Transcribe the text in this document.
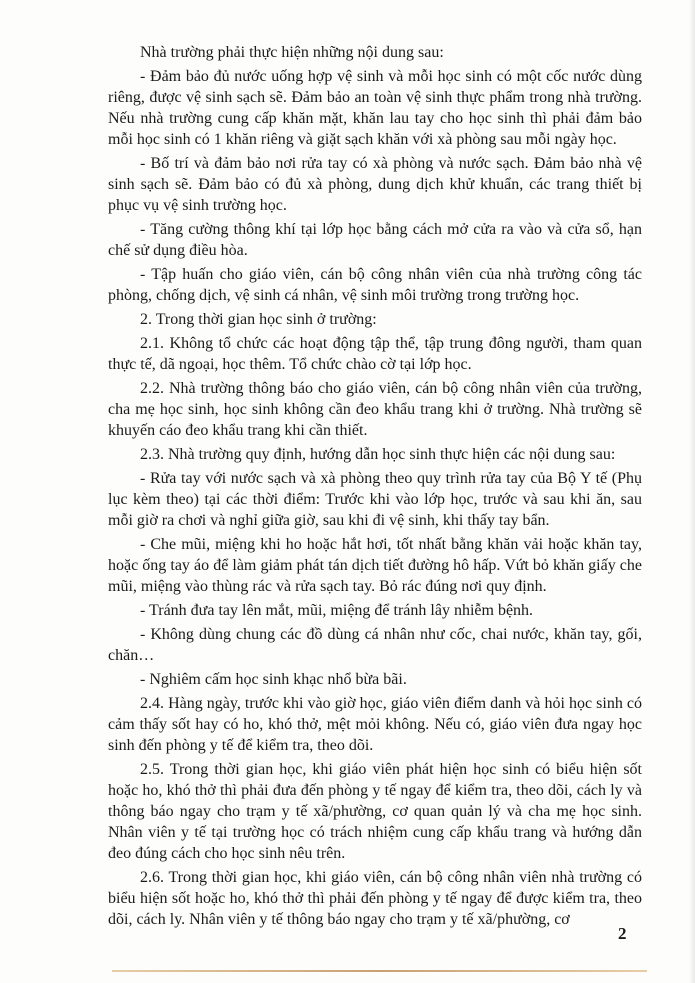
Nhà trường phải thực hiện những nội dung sau:

- Đảm bảo đủ nước uống hợp vệ sinh và mỗi học sinh có một cốc nước dùng riêng, được vệ sinh sạch sẽ. Đảm bảo an toàn vệ sinh thực phẩm trong nhà trường. Nếu nhà trường cung cấp khăn mặt, khăn lau tay cho học sinh thì phải đảm bảo mỗi học sinh có 1 khăn riêng và giặt sạch khăn với xà phòng sau mỗi ngày học.

- Bố trí và đảm bảo nơi rửa tay có xà phòng và nước sạch. Đảm bảo nhà vệ sinh sạch sẽ. Đảm bảo có đủ xà phòng, dung dịch khử khuẩn, các trang thiết bị phục vụ vệ sinh trường học.

- Tăng cường thông khí tại lớp học bằng cách mở cửa ra vào và cửa sổ, hạn chế sử dụng điều hòa.

- Tập huấn cho giáo viên, cán bộ công nhân viên của nhà trường công tác phòng, chống dịch, vệ sinh cá nhân, vệ sinh môi trường trong trường học.

2. Trong thời gian học sinh ở trường:

2.1. Không tổ chức các hoạt động tập thể, tập trung đông người, tham quan thực tế, dã ngoại, học thêm. Tổ chức chào cờ tại lớp học.

2.2. Nhà trường thông báo cho giáo viên, cán bộ công nhân viên của trường, cha mẹ học sinh, học sinh không cần đeo khẩu trang khi ở trường. Nhà trường sẽ khuyến cáo đeo khẩu trang khi cần thiết.

2.3. Nhà trường quy định, hướng dẫn học sinh thực hiện các nội dung sau:

- Rửa tay với nước sạch và xà phòng theo quy trình rửa tay của Bộ Y tế (Phụ lục kèm theo) tại các thời điểm: Trước khi vào lớp học, trước và sau khi ăn, sau mỗi giờ ra chơi và nghỉ giữa giờ, sau khi đi vệ sinh, khi thấy tay bẩn.

- Che mũi, miệng khi ho hoặc hắt hơi, tốt nhất bằng khăn vải hoặc khăn tay, hoặc ống tay áo để làm giảm phát tán dịch tiết đường hô hấp. Vứt bỏ khăn giấy che mũi, miệng vào thùng rác và rửa sạch tay. Bỏ rác đúng nơi quy định.

- Tránh đưa tay lên mắt, mũi, miệng để tránh lây nhiễm bệnh.

- Không dùng chung các đồ dùng cá nhân như cốc, chai nước, khăn tay, gối, chăn…

- Nghiêm cấm học sinh khạc nhổ bừa bãi.

2.4. Hàng ngày, trước khi vào giờ học, giáo viên điểm danh và hỏi học sinh có cảm thấy sốt hay có ho, khó thở, mệt mỏi không. Nếu có, giáo viên đưa ngay học sinh đến phòng y tế để kiểm tra, theo dõi.

2.5. Trong thời gian học, khi giáo viên phát hiện học sinh có biểu hiện sốt hoặc ho, khó thở thì phải đưa đến phòng y tế ngay để kiểm tra, theo dõi, cách ly và thông báo ngay cho trạm y tế xã/phường, cơ quan quản lý và cha mẹ học sinh. Nhân viên y tế tại trường học có trách nhiệm cung cấp khẩu trang và hướng dẫn đeo đúng cách cho học sinh nêu trên.

2.6. Trong thời gian học, khi giáo viên, cán bộ công nhân viên nhà trường có biểu hiện sốt hoặc ho, khó thở thì phải đến phòng y tế ngay để được kiểm tra, theo dõi, cách ly. Nhân viên y tế thông báo ngay cho trạm y tế xã/phường, cơ

2
